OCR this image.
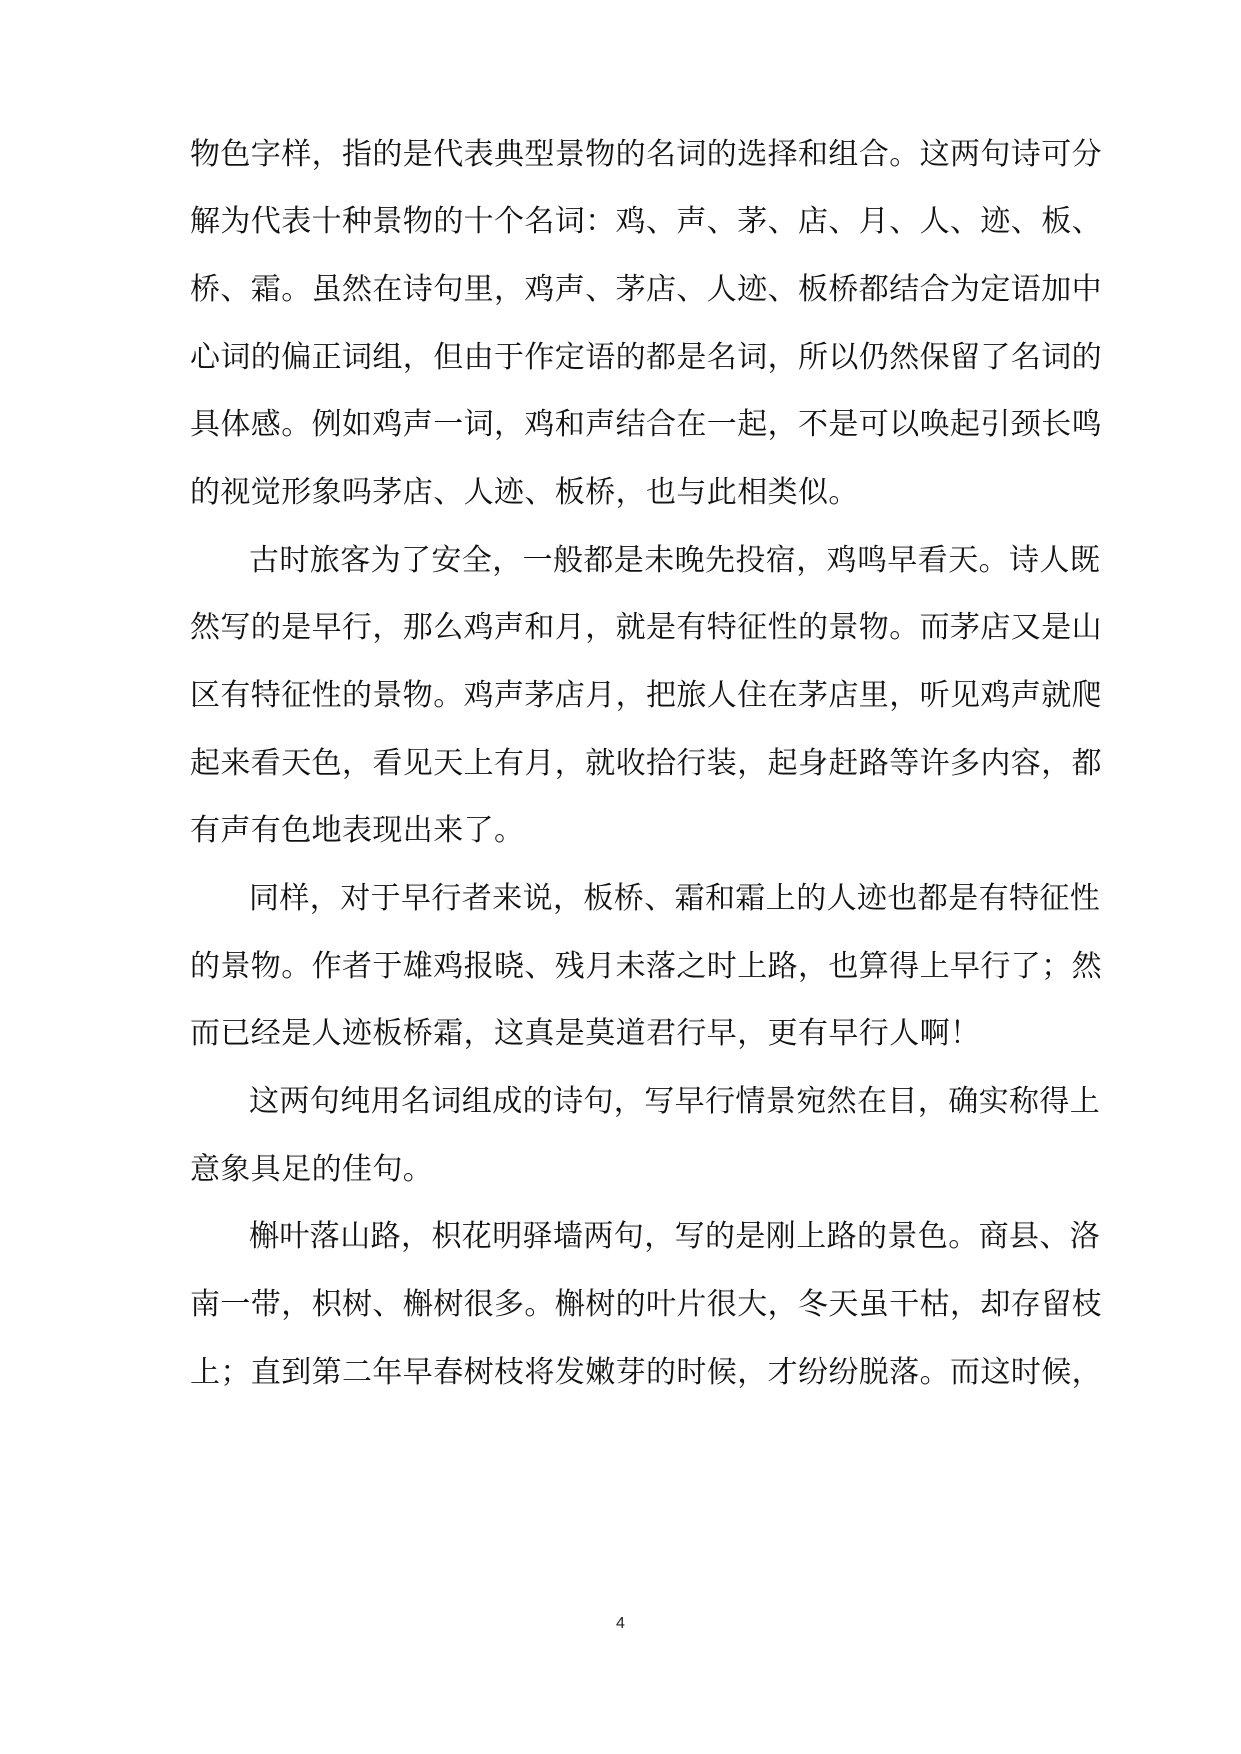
物色字样，指的是代表典型景物的名词的选择和组合。这两句诗可分
解为代表十种景物的十个名词：鸡、声、茅、店、月、人、迹、板、
桥、霜。虽然在诗句里，鸡声、茅店、人迹、板桥都结合为定语加中
心词的偏正词组，但由于作定语的都是名词，所以仍然保留了名词的
具体感。例如鸡声一词，鸡和声结合在一起，不是可以唤起引颈长鸣
的视觉形象吗茅店、人迹、板桥，也与此相类似。
古时旅客为了安全，一般都是未晚先投宿，鸡鸣早看天。诗人既
然写的是早行，那么鸡声和月，就是有特征性的景物。而茅店又是山
区有特征性的景物。鸡声茅店月，把旅人住在茅店里，听见鸡声就爬
起来看天色，看见天上有月，就收拾行装，起身赶路等许多内容，都
有声有色地表现出来了。
同样，对于早行者来说，板桥、霜和霜上的人迹也都是有特征性
的景物。作者于雄鸡报晓、残月未落之时上路，也算得上早行了；然
而已经是人迹板桥霜，这真是莫道君行早，更有早行人啊！
这两句纯用名词组成的诗句，写早行情景宛然在目，确实称得上
意象具足的佳句。
槲叶落山路，枳花明驿墙两句，写的是刚上路的景色。商县、洛
南一带，枳树、槲树很多。槲树的叶片很大，冬天虽干枯，却存留枝
上；直到第二年早春树枝将发嫩芽的时候，才纷纷脱落。而这时候，
4
